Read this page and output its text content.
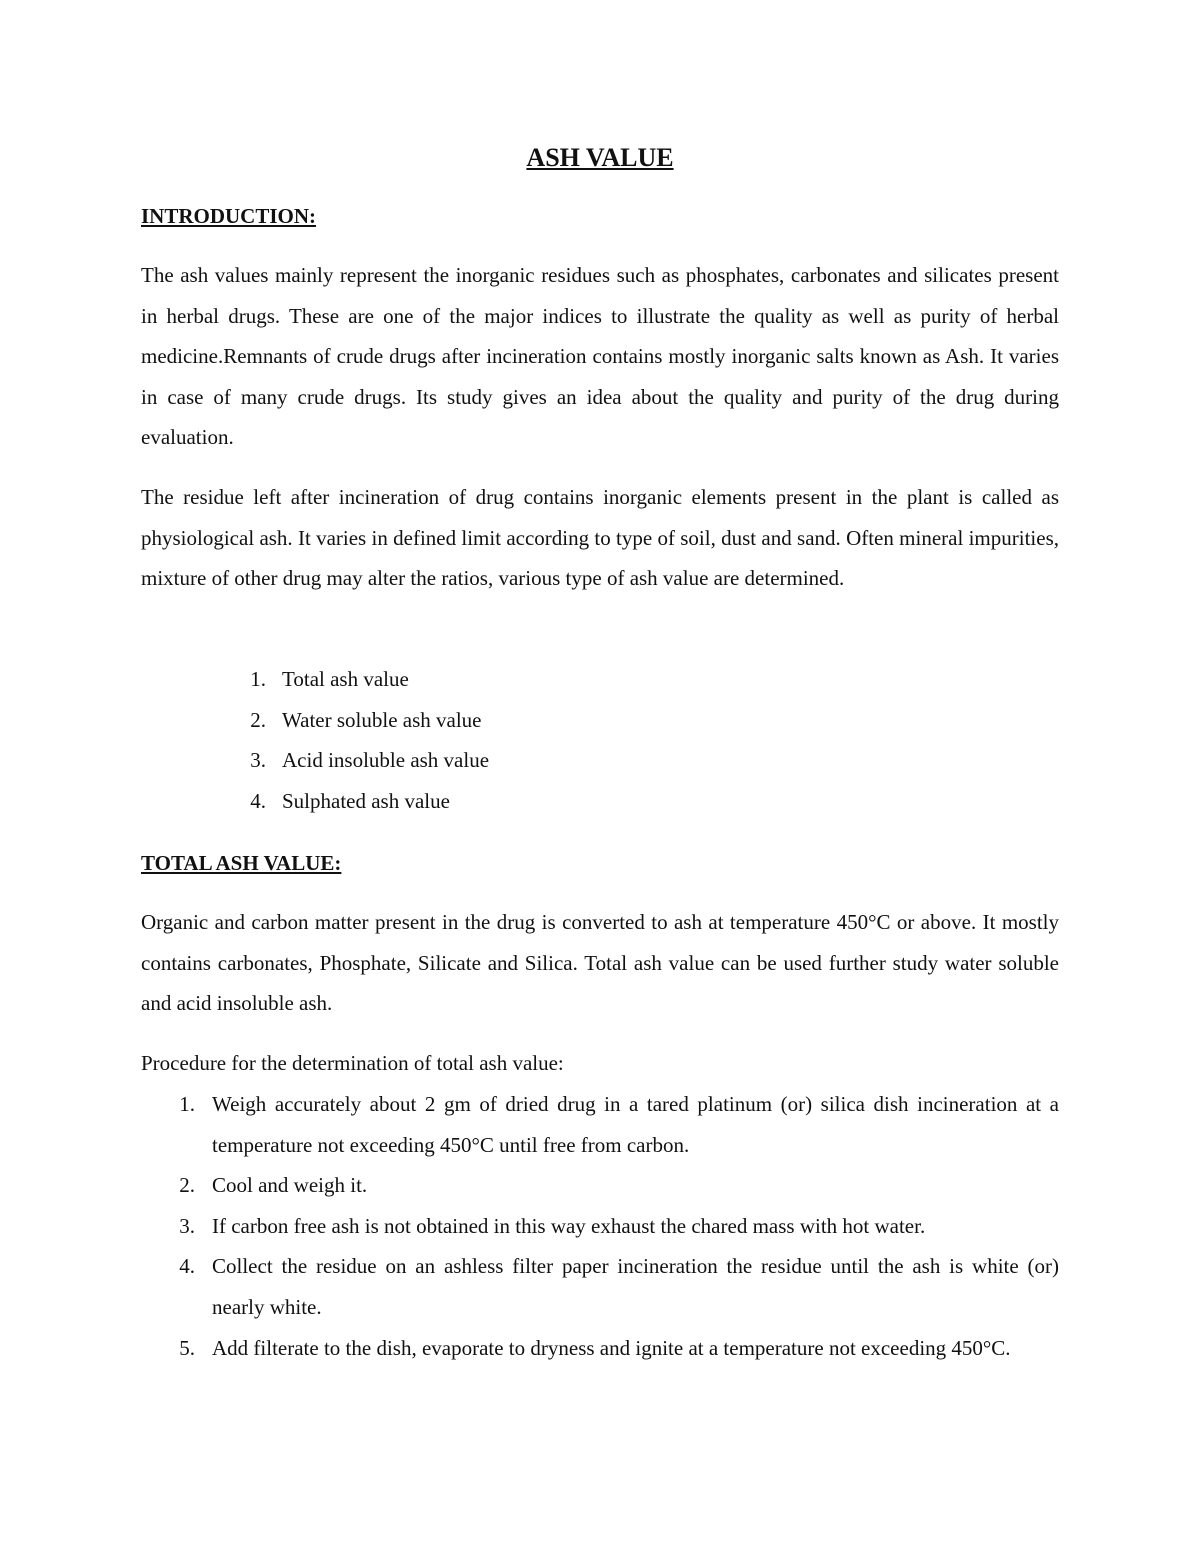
ASH VALUE
INTRODUCTION:

The ash values mainly represent the inorganic residues such as phosphates, carbonates and silicates present in herbal drugs. These are one of the major indices to illustrate the quality as well as purity of herbal medicine.Remnants of crude drugs after incineration contains mostly inorganic salts known as Ash. It varies in case of many crude drugs. Its study gives an idea about the quality and purity of the drug during evaluation.

The residue left after incineration of drug contains inorganic elements present in the plant is called as physiological ash. It varies in defined limit according to type of soil, dust and sand. Often mineral impurities, mixture of other drug may alter the ratios, various type of ash value are determined.

1. Total ash value
2. Water soluble ash value
3. Acid insoluble ash value
4. Sulphated ash value
TOTAL ASH VALUE:

Organic and carbon matter present in the drug is converted to ash at temperature 450°C or above. It mostly contains carbonates, Phosphate, Silicate and Silica. Total ash value can be used further study water soluble and acid insoluble ash.

Procedure for the determination of total ash value:

1. Weigh accurately about 2 gm of dried drug in a tared platinum (or) silica dish incineration at a temperature not exceeding 450°C until free from carbon.
2. Cool and weigh it.
3. If carbon free ash is not obtained in this way exhaust the chared mass with hot water.
4. Collect the residue on an ashless filter paper incineration the residue until the ash is white (or) nearly white.
5. Add filterate to the dish, evaporate to dryness and ignite at a temperature not exceeding 450°C.
